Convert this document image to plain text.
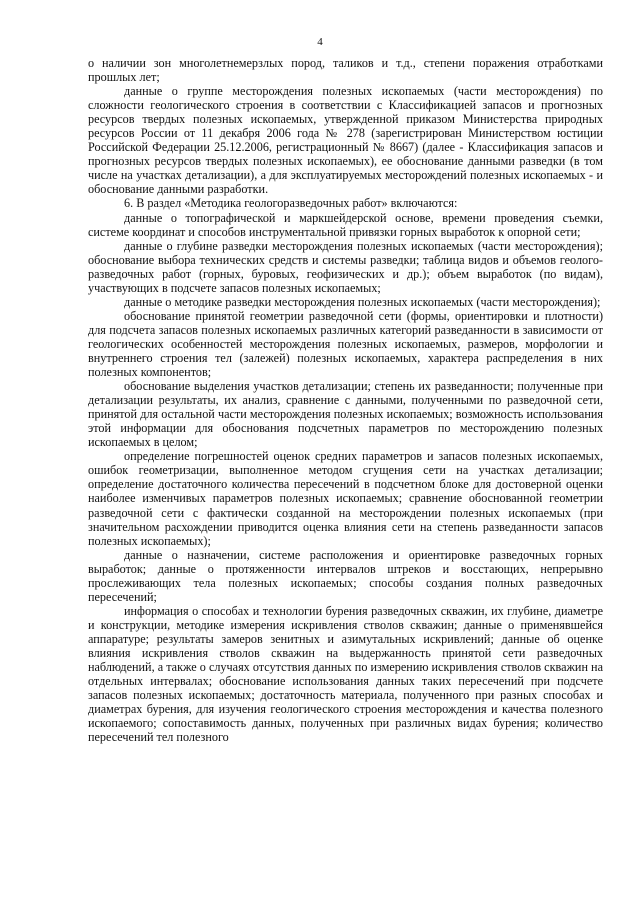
4

о наличии зон многолетнемерзлых пород, таликов и т.д., степени поражения отработками прошлых лет;

данные о группе месторождения полезных ископаемых (части месторождения) по сложности геологического строения в соответствии с Классификацией запасов и прогнозных ресурсов твердых полезных ископаемых, утвержденной приказом Министерства природных ресурсов России от 11 декабря 2006 года № 278 (зарегистрирован Министерством юстиции Российской Федерации 25.12.2006, регистрационный № 8667) (далее - Классификация запасов и прогнозных ресурсов твердых полезных ископаемых), ее обоснование данными разведки (в том числе на участках детализации), а для эксплуатируемых месторождений полезных ископаемых - и обоснование данными разработки.

6. В раздел «Методика геологоразведочных работ» включаются:

данные о топографической и маркшейдерской основе, времени проведения съемки, системе координат и способов инструментальной привязки горных выработок к опорной сети;

данные о глубине разведки месторождения полезных ископаемых (части месторождения); обоснование выбора технических средств и системы разведки; таблица видов и объемов геолого-разведочных работ (горных, буровых, геофизических и др.); объем выработок (по видам), участвующих в подсчете запасов полезных ископаемых;

данные о методике разведки месторождения полезных ископаемых (части месторождения);

обоснование принятой геометрии разведочной сети (формы, ориентировки и плотности) для подсчета запасов полезных ископаемых различных категорий разведанности в зависимости от геологических особенностей месторождения полезных ископаемых, размеров, морфологии и внутреннего строения тел (залежей) полезных ископаемых, характера распределения в них полезных компонентов;

обоснование выделения участков детализации; степень их разведанности; полученные при детализации результаты, их анализ, сравнение с данными, полученными по разведочной сети, принятой для остальной части месторождения полезных ископаемых; возможность использования этой информации для обоснования подсчетных параметров по месторождению полезных ископаемых в целом;

определение погрешностей оценок средних параметров и запасов полезных ископаемых, ошибок геометризации, выполненное методом сгущения сети на участках детализации; определение достаточного количества пересечений в подсчетном блоке для достоверной оценки наиболее изменчивых параметров полезных ископаемых; сравнение обоснованной геометрии разведочной сети с фактически созданной на месторождении полезных ископаемых (при значительном расхождении приводится оценка влияния сети на степень разведанности запасов полезных ископаемых);

данные о назначении, системе расположения и ориентировке разведочных горных выработок; данные о протяженности интервалов штреков и восстающих, непрерывно прослеживающих тела полезных ископаемых; способы создания полных разведочных пересечений;

информация о способах и технологии бурения разведочных скважин, их глубине, диаметре и конструкции, методике измерения искривления стволов скважин; данные о применявшейся аппаратуре; результаты замеров зенитных и азимутальных искривлений; данные об оценке влияния искривления стволов скважин на выдержанность принятой сети разведочных наблюдений, а также о случаях отсутствия данных по измерению искривления стволов скважин на отдельных интервалах; обоснование использования данных таких пересечений при подсчете запасов полезных ископаемых; достаточность материала, полученного при разных способах и диаметрах бурения, для изучения геологического строения месторождения и качества полезного ископаемого; сопоставимость данных, полученных при различных видах бурения; количество пересечений тел полезного
